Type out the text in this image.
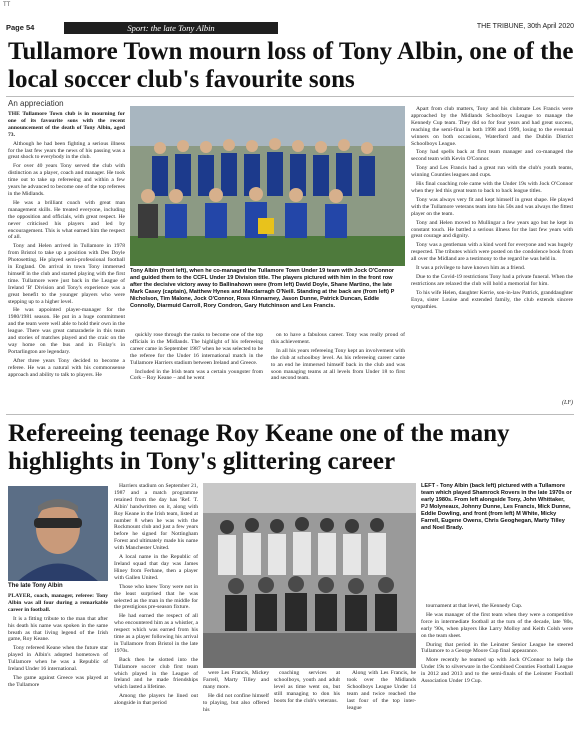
TT
Page 54	Sport: the late Tony Albin	THE TRIBUNE, 30th April 2020
Tullamore Town mourn loss of Tony Albin, one of the local soccer club's favourite sons
An appreciation

THE Tullamore Town club is in mourning for one of its favourite sons with the recent announcement of the death of Tony Albin, aged 73.

Although he had been fighting a serious illness for the last few years the news of his passing was a great shock to everybody in the club.

For over 40 years Tony served the club with distinction as a player, coach and manager. He took time out to take up refereeing and within a few years he advanced to become one of the top referees in the Midlands.

He was a brilliant coach with great man management skills. He treated everyone, including the opposition and officials, with great respect. He never criticised his players and led by encouragement. This is what earned him the respect of all.

Tony and Helen arrived in Tullamore in 1978 from Bristol to take up a position with Des Doyle Photosetting. He played semi-professional football in England. On arrival in town Tony immersed himself in the club and started playing with the first time. Tullamore were just back in the League of Ireland 'B' Division and Tony's experience was a great benefit to the younger players who were stepping up to a higher level.

He was appointed player-manager for the 1980/1981 season. He put in a huge commitment and the team were well able to hold their own in the league. There was great camaraderie in this team and stories of matches played and the craic on the way home on the bus and in Finlay's in Portarlington are legendary.

After three years Tony decided to become a referee. He was a natural with his commonsense approach and ability to talk to players. He

Tony Albin (front left), when he co-managed the Tullamore Town Under 19 team with Jock O'Connor and guided them to the CCFL Under 19 Division title. The players pictured with him in the front row after the decisive victory away to Ballinahown were (from left) David Doyle, Shane Martino, the late Mark Casey (captain), Matthew Hynes and Macdarragh O'Neill. Standing at the back are (from left) P Nicholson, Tim Malone, Jock O'Connor, Ross Kinnarney, Jason Dunne, Patrick Duncan, Eddie Connolly, Diarmuid Carroll, Rory Condron, Gary Hutchinson and Les Francis.

quickly rose through the ranks to become one of the top officials in the Midlands. The highlight of his refereeing career came in September 1987 when he was selected to be the referee for the Under 16 international match in the Tullamore Harriers stadium between Ireland and Greece.

Included in the Irish team was a certain youngster from Cork – Roy Keane – and he went

on to have a fabulous career. Tony was really proud of this achievement.

In all his years refereeing Tony kept an involvement with the club at schoolboy level. As his refereeing career came to an end he immersed himself back in the club and was soon managing teams at all levels from Under 18 to first and second team.

Apart from club matters, Tony and his clubmate Les Francis were approached by the Midlands Schoolboys League to manage the Kennedy Cup team. They did so for four years and had great success, reaching the semi-final in both 1998 and 1999, losing to the eventual winners on both occasions, Waterford and the Dublin District Schoolboys League.

Tony had spells back at first team manager and co-managed the second team with Kevin O'Connor.

Tony and Les Francis had a great run with the club's youth teams, winning Counties leagues and cups.

His final coaching role came with the Under 19s with Jock O'Connor when they led this great team to back to back league titles.

Tony was always very fit and kept himself in great shape. He played with the Tullamore veterans team into his 50s and was always the fittest player on the team.

Tony and Helen moved to Mullingar a few years ago but he kept in constant touch. He battled a serious illness for the last few years with great courage and dignity.

Tony was a gentleman with a kind word for everyone and was hugely respected. The tributes which were posted on the condolence book from all over the Midland are a testimony to the regard he was held in.

It was a privilege to have known him as a friend.

Due to the Covid-19 restrictions Tony had a private funeral. When the restrictions are relaxed the club will hold a memorial for him.

To his wife Helen, daughter Kerrie, son-in-law Patrick, granddaughter Enya, sister Louise and extended family, the club extends sincere sympathies.

(LF)
Refereeing teenage Roy Keane one of the many highlights in Tony's glittering career
The late Tony Albin

PLAYER, coach, manager, referee: Tony Albin was all four during a remarkable career in football.

It is a fitting tribute to the man that after his death his name was spoken in the same breath as that living legend of the Irish game, Roy Keane.

Tony refereed Keane when the future star played in Albin's adopted hometown of Tullamore when he was a Republic of Ireland Under 16 international.

The game against Greece was played at the Tullamore

Harriers stadium on September 21, 1987 and a match programme retained from the day has 'Ref. T. Albin' handwritten on it, along with Roy Keane in the Irish team, listed at number 8 when he was with the Rockmount club and just a few years before he signed for Nottingham Forest and ultimately made his name with Manchester United.

A local name in the Republic of Ireland squad that day was James Hiney from Ferbane, then a player with Gallen United.

Those who knew Tony were not in the least surprised that he was selected as the man in the middle for the prestigious pre-season fixture.

He had earned the respect of all who encountered him as a whistler, a respect which was earned from his time as a player following his arrival in Tullamore from Bristol in the late 1970s.

Back then he slotted into the Tullamore soccer club first team which played in the League of Ireland and he made friendships which lasted a lifetime.

Among the players he lined out alongside in that period

were Les Francis, Mickey Farrell, Marty Tilley and many more.

He did not confine himself to playing, but also offered his

coaching services at schoolboys, youth and adult level as time went on, but still managing to don his boots for the club's veterans.

Along with Les Francis, he took over the Midlands Schoolboys League Under 14 team and twice reached the last four of the top inter-league

LEFT - Tony Albin (back left) pictured with a Tullamore team which played Shamrock Rovers in the late 1970s or early 1980s. From left alongside Tony, John Whittaker, PJ Molyneaux, Johnny Dunne, Les Francis, Mick Dunne, Eddie Dowling, and front (from left) M White, Micky Farrell, Eugene Owens, Chris Geoghegan, Marty Tilley and Noel Brady.

tournament at that level, the Kennedy Cup.

He was manager of the first team when they were a competitive force in intermediate football at the turn of the decade, late '80s, early '90s, when players like Larry Molloy and Keith Colsh were on the team sheet.

During that period in the Leinster Senior League he steered Tullamore to a George Moore Cup final appearance.

More recently he teamed up with Jock O'Connor to help the Under 19s to silverware in the Combined Counties Football League in 2012 and 2013 and to the semi-finals of the Leinster Football Association Under 19 Cup.
